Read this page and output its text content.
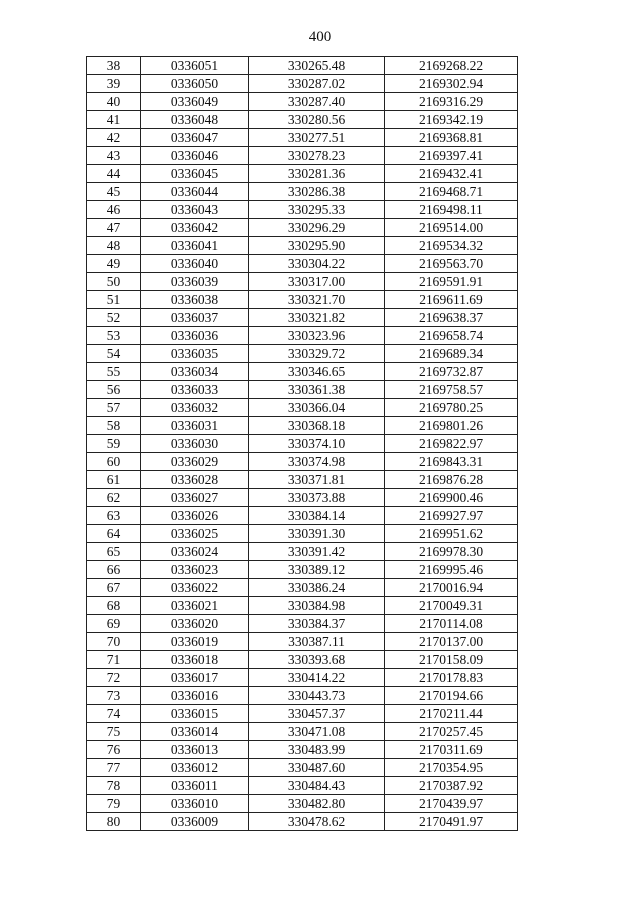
400
38	0336051	330265.48	2169268.22
39	0336050	330287.02	2169302.94
40	0336049	330287.40	2169316.29
41	0336048	330280.56	2169342.19
42	0336047	330277.51	2169368.81
43	0336046	330278.23	2169397.41
44	0336045	330281.36	2169432.41
45	0336044	330286.38	2169468.71
46	0336043	330295.33	2169498.11
47	0336042	330296.29	2169514.00
48	0336041	330295.90	2169534.32
49	0336040	330304.22	2169563.70
50	0336039	330317.00	2169591.91
51	0336038	330321.70	2169611.69
52	0336037	330321.82	2169638.37
53	0336036	330323.96	2169658.74
54	0336035	330329.72	2169689.34
55	0336034	330346.65	2169732.87
56	0336033	330361.38	2169758.57
57	0336032	330366.04	2169780.25
58	0336031	330368.18	2169801.26
59	0336030	330374.10	2169822.97
60	0336029	330374.98	2169843.31
61	0336028	330371.81	2169876.28
62	0336027	330373.88	2169900.46
63	0336026	330384.14	2169927.97
64	0336025	330391.30	2169951.62
65	0336024	330391.42	2169978.30
66	0336023	330389.12	2169995.46
67	0336022	330386.24	2170016.94
68	0336021	330384.98	2170049.31
69	0336020	330384.37	2170114.08
70	0336019	330387.11	2170137.00
71	0336018	330393.68	2170158.09
72	0336017	330414.22	2170178.83
73	0336016	330443.73	2170194.66
74	0336015	330457.37	2170211.44
75	0336014	330471.08	2170257.45
76	0336013	330483.99	2170311.69
77	0336012	330487.60	2170354.95
78	0336011	330484.43	2170387.92
79	0336010	330482.80	2170439.97
80	0336009	330478.62	2170491.97
